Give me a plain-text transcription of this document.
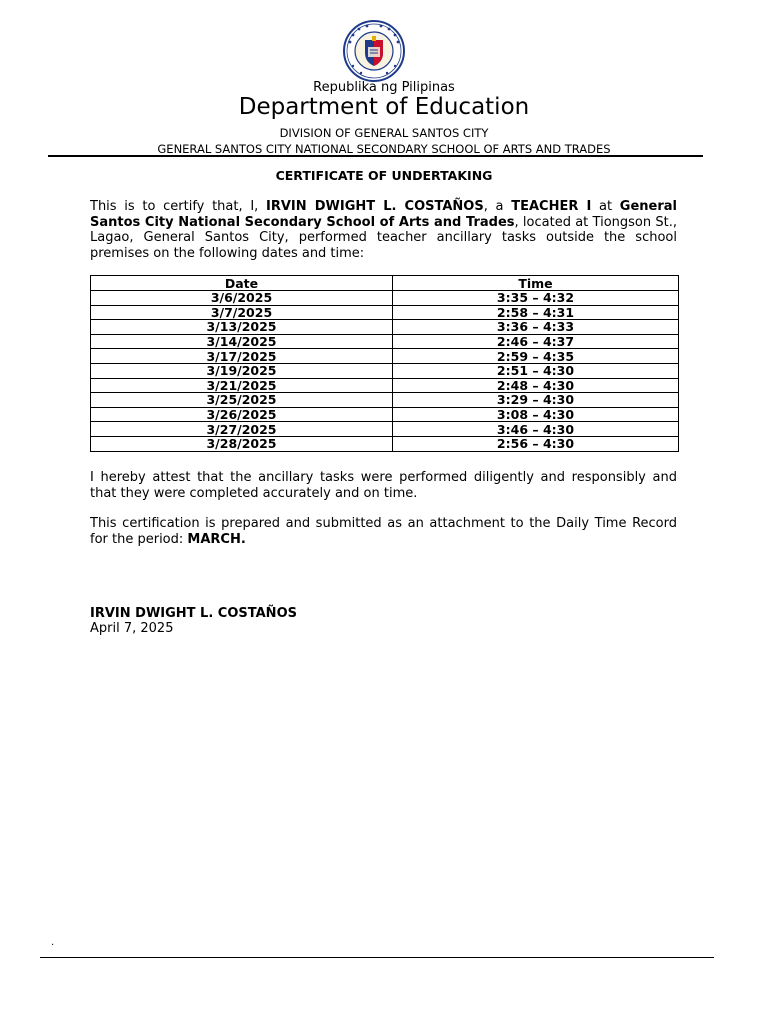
Republika ng Pilipinas
Department of Education
DIVISION OF GENERAL SANTOS CITY
GENERAL SANTOS CITY NATIONAL SECONDARY SCHOOL OF ARTS AND TRADES
CERTIFICATE OF UNDERTAKING
This is to certify that, I, IRVIN DWIGHT L. COSTAÑOS, a TEACHER I at General Santos City National Secondary School of Arts and Trades, located at Tiongson St., Lagao, General Santos City, performed teacher ancillary tasks outside the school premises on the following dates and time:
Date	Time
3/6/2025	3:35 – 4:32
3/7/2025	2:58 – 4:31
3/13/2025	3:36 – 4:33
3/14/2025	2:46 – 4:37
3/17/2025	2:59 – 4:35
3/19/2025	2:51 – 4:30
3/21/2025	2:48 – 4:30
3/25/2025	3:29 – 4:30
3/26/2025	3:08 – 4:30
3/27/2025	3:46 – 4:30
3/28/2025	2:56 – 4:30
I hereby attest that the ancillary tasks were performed diligently and responsibly and that they were completed accurately and on time.
This certification is prepared and submitted as an attachment to the Daily Time Record for the period: MARCH.
IRVIN DWIGHT L. COSTAÑOS
April 7, 2025
.
